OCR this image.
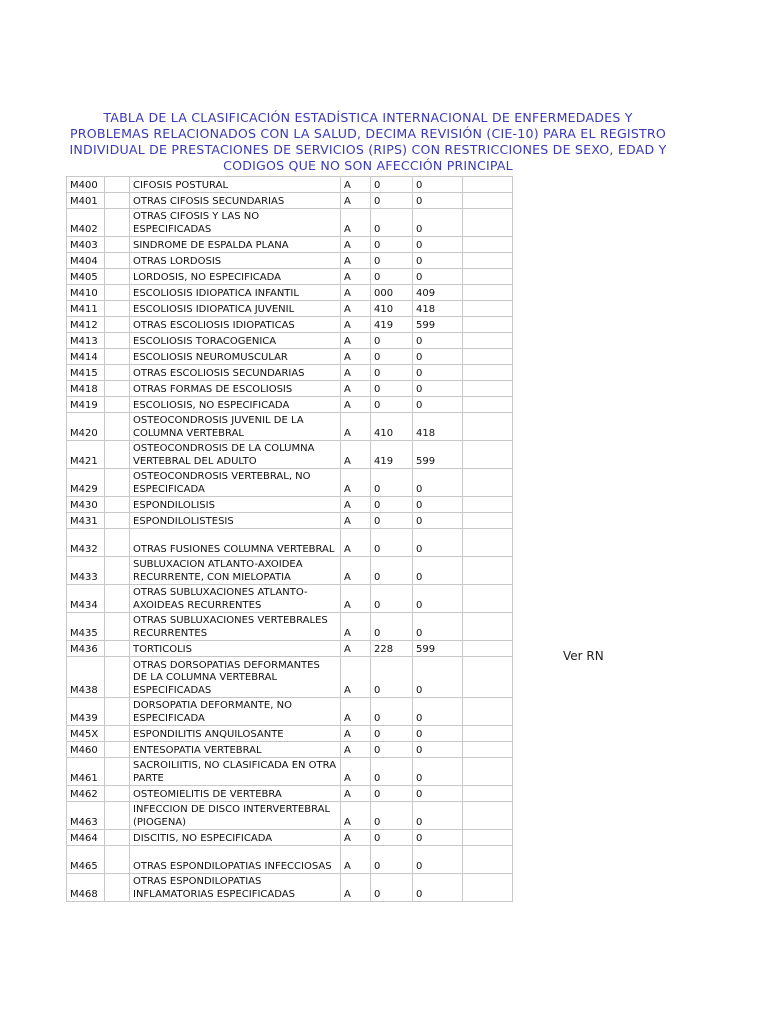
TABLA DE LA CLASIFICACIÓN ESTADÍSTICA INTERNACIONAL DE ENFERMEDADES Y PROBLEMAS RELACIONADOS CON LA SALUD, DECIMA REVISIÓN (CIE-10) PARA EL REGISTRO INDIVIDUAL DE PRESTACIONES DE SERVICIOS (RIPS) CON RESTRICCIONES DE SEXO, EDAD Y CODIGOS QUE NO SON AFECCIÓN PRINCIPAL
M400		CIFOSIS POSTURAL	A	0	0	
M401		OTRAS CIFOSIS SECUNDARIAS	A	0	0	
M402		OTRAS CIFOSIS Y LAS NO ESPECIFICADAS	A	0	0	
M403		SINDROME DE ESPALDA PLANA	A	0	0	
M404		OTRAS LORDOSIS	A	0	0	
M405		LORDOSIS, NO ESPECIFICADA	A	0	0	
M410		ESCOLIOSIS IDIOPATICA INFANTIL	A	000	409	
M411		ESCOLIOSIS IDIOPATICA JUVENIL	A	410	418	
M412		OTRAS ESCOLIOSIS IDIOPATICAS	A	419	599	
M413		ESCOLIOSIS TORACOGENICA	A	0	0	
M414		ESCOLIOSIS NEUROMUSCULAR	A	0	0	
M415		OTRAS ESCOLIOSIS SECUNDARIAS	A	0	0	
M418		OTRAS FORMAS DE ESCOLIOSIS	A	0	0	
M419		ESCOLIOSIS, NO ESPECIFICADA	A	0	0	
M420		OSTEOCONDROSIS JUVENIL DE LA COLUMNA VERTEBRAL	A	410	418	
M421		OSTEOCONDROSIS DE LA COLUMNA VERTEBRAL DEL ADULTO	A	419	599	
M429		OSTEOCONDROSIS VERTEBRAL, NO ESPECIFICADA	A	0	0	
M430		ESPONDILOLISIS	A	0	0	
M431		ESPONDILOLISTESIS	A	0	0	
M432		OTRAS FUSIONES COLUMNA VERTEBRAL	A	0	0	
M433		SUBLUXACION ATLANTO-AXOIDEA RECURRENTE, CON MIELOPATIA	A	0	0	
M434		OTRAS SUBLUXACIONES ATLANTO-AXOIDEAS RECURRENTES	A	0	0	
M435		OTRAS SUBLUXACIONES VERTEBRALES RECURRENTES	A	0	0	
M436		TORTICOLIS	A	228	599	
M438		OTRAS DORSOPATIAS DEFORMANTES DE LA COLUMNA VERTEBRAL ESPECIFICADAS	A	0	0	
M439		DORSOPATIA DEFORMANTE, NO ESPECIFICADA	A	0	0	
M45X		ESPONDILITIS ANQUILOSANTE	A	0	0	
M460		ENTESOPATIA VERTEBRAL	A	0	0	
M461		SACROILIITIS, NO CLASIFICADA EN OTRA PARTE	A	0	0	
M462		OSTEOMIELITIS DE VERTEBRA	A	0	0	
M463		INFECCION DE DISCO INTERVERTEBRAL (PIOGENA)	A	0	0	
M464		DISCITIS, NO ESPECIFICADA	A	0	0	
M465		OTRAS ESPONDILOPATIAS INFECCIOSAS	A	0	0	
M468		OTRAS ESPONDILOPATIAS INFLAMATORIAS ESPECIFICADAS	A	0	0	
Ver RN
